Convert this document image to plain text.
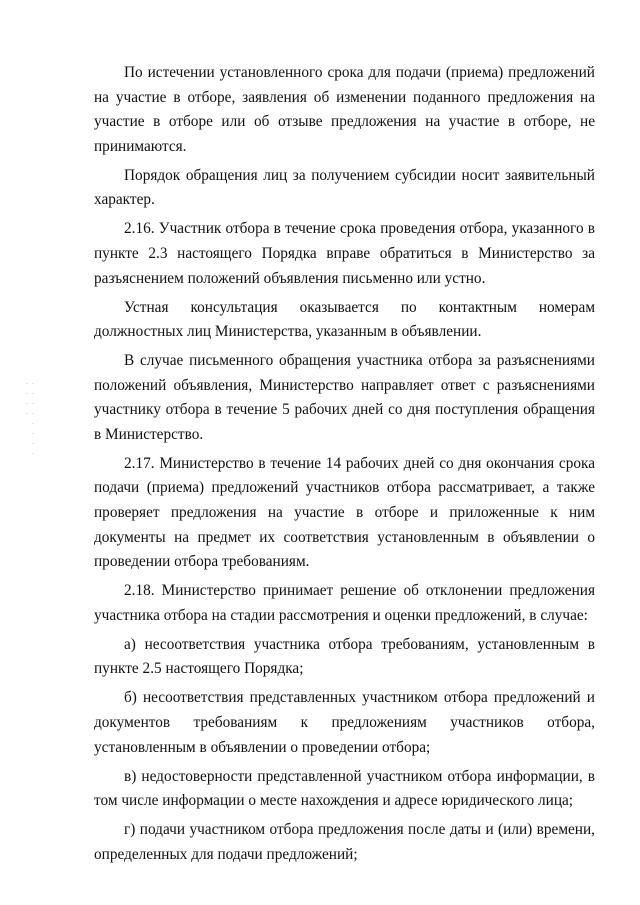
· · · · · · · · · · · ·

По истечении установленного срока для подачи (приема) предложений на участие в отборе, заявления об изменении поданного предложения на участие в отборе или об отзыве предложения на участие в отборе, не принимаются.

Порядок обращения лиц за получением субсидии носит заявительный характер.

2.16. Участник отбора в течение срока проведения отбора, указанного в пункте 2.3 настоящего Порядка вправе обратиться в Министерство за разъяснением положений объявления письменно или устно.

Устная консультация оказывается по контактным номерам должностных лиц Министерства, указанным в объявлении.

В случае письменного обращения участника отбора за разъяснениями положений объявления, Министерство направляет ответ с разъяснениями участнику отбора в течение 5 рабочих дней со дня поступления обращения в Министерство.

2.17. Министерство в течение 14 рабочих дней со дня окончания срока подачи (приема) предложений участников отбора рассматривает, а также проверяет предложения на участие в отборе и приложенные к ним документы на предмет их соответствия установленным в объявлении о проведении отбора требованиям.

2.18. Министерство принимает решение об отклонении предложения участника отбора на стадии рассмотрения и оценки предложений, в случае:

а) несоответствия участника отбора требованиям, установленным в пункте 2.5 настоящего Порядка;

б) несоответствия представленных участником отбора предложений и документов требованиям к предложениям участников отбора, установленным в объявлении о проведении отбора;

в) недостоверности представленной участником отбора информации, в том числе информации о месте нахождения и адресе юридического лица;

г) подачи участником отбора предложения после даты и (или) времени, определенных для подачи предложений;
